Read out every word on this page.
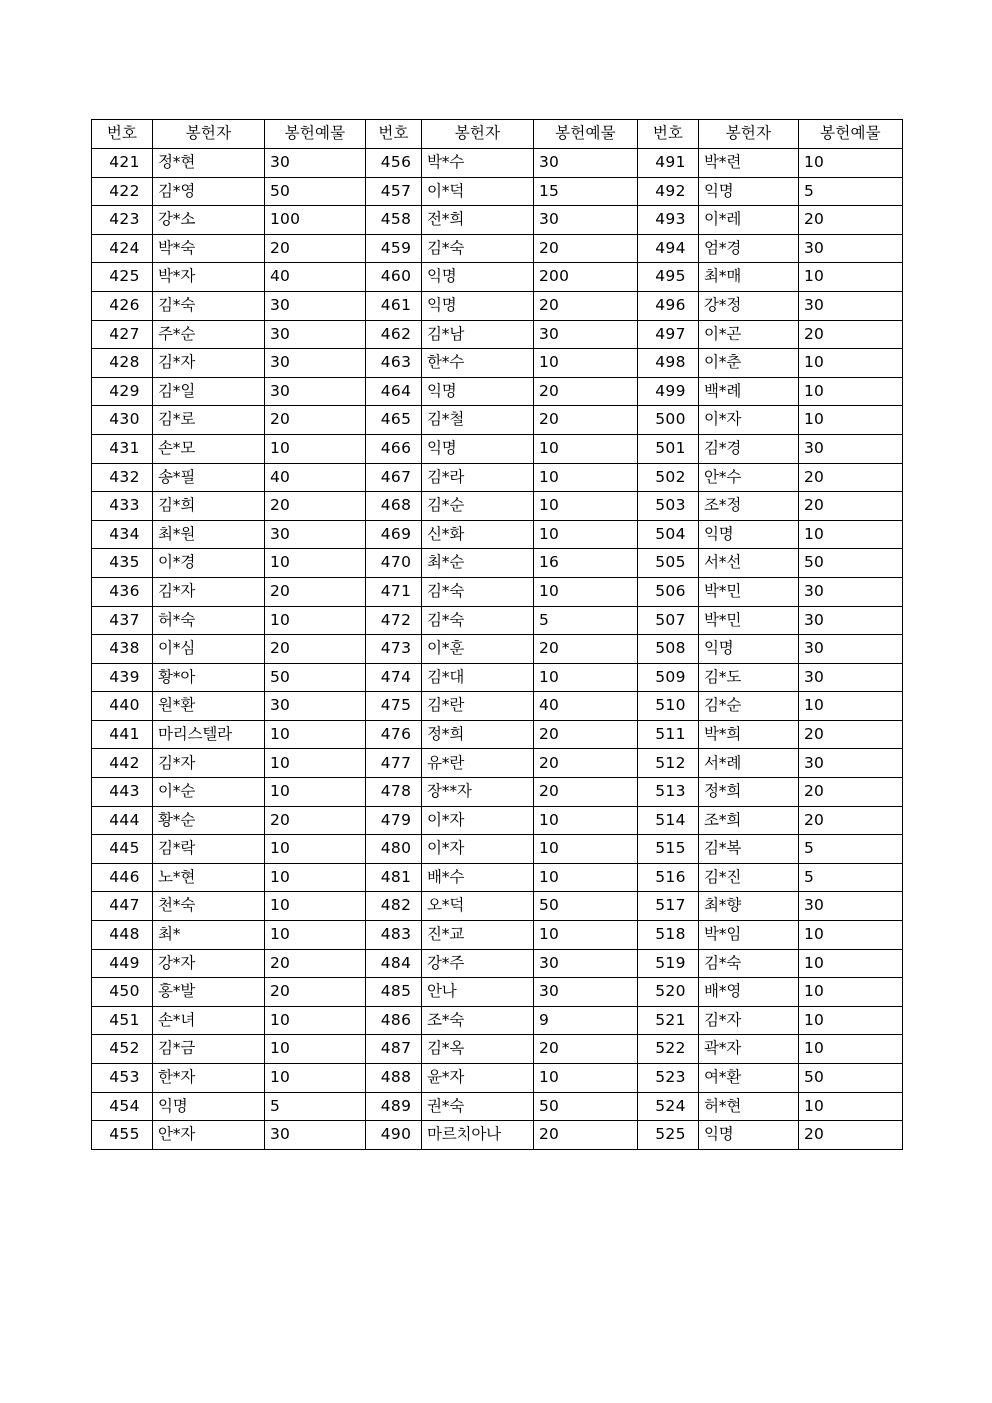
번호	봉헌자	봉헌예물	번호	봉헌자	봉헌예물	번호	봉헌자	봉헌예물
421	정*현	30	456	박*수	30	491	박*련	10
422	김*영	50	457	이*덕	15	492	익명	5
423	강*소	100	458	전*희	30	493	이*레	20
424	박*숙	20	459	김*숙	20	494	엄*경	30
425	박*자	40	460	익명	200	495	최*매	10
426	김*숙	30	461	익명	20	496	강*정	30
427	주*순	30	462	김*남	30	497	이*곤	20
428	김*자	30	463	한*수	10	498	이*춘	10
429	김*일	30	464	익명	20	499	백*례	10
430	김*로	20	465	김*철	20	500	이*자	10
431	손*모	10	466	익명	10	501	김*경	30
432	송*필	40	467	김*라	10	502	안*수	20
433	김*희	20	468	김*순	10	503	조*정	20
434	최*원	30	469	신*화	10	504	익명	10
435	이*경	10	470	최*순	16	505	서*선	50
436	김*자	20	471	김*숙	10	506	박*민	30
437	허*숙	10	472	김*숙	5	507	박*민	30
438	이*심	20	473	이*훈	20	508	익명	30
439	황*아	50	474	김*대	10	509	김*도	30
440	원*환	30	475	김*란	40	510	김*순	10
441	마리스텔라	10	476	정*희	20	511	박*희	20
442	김*자	10	477	유*란	20	512	서*례	30
443	이*순	10	478	장**자	20	513	정*희	20
444	황*순	20	479	이*자	10	514	조*희	20
445	김*락	10	480	이*자	10	515	김*복	5
446	노*현	10	481	배*수	10	516	김*진	5
447	천*숙	10	482	오*덕	50	517	최*향	30
448	최*	10	483	진*교	10	518	박*임	10
449	강*자	20	484	강*주	30	519	김*숙	10
450	홍*발	20	485	안나	30	520	배*영	10
451	손*녀	10	486	조*숙	9	521	김*자	10
452	김*금	10	487	김*옥	20	522	곽*자	10
453	한*자	10	488	윤*자	10	523	여*환	50
454	익명	5	489	권*숙	50	524	허*현	10
455	안*자	30	490	마르치아나	20	525	익명	20
